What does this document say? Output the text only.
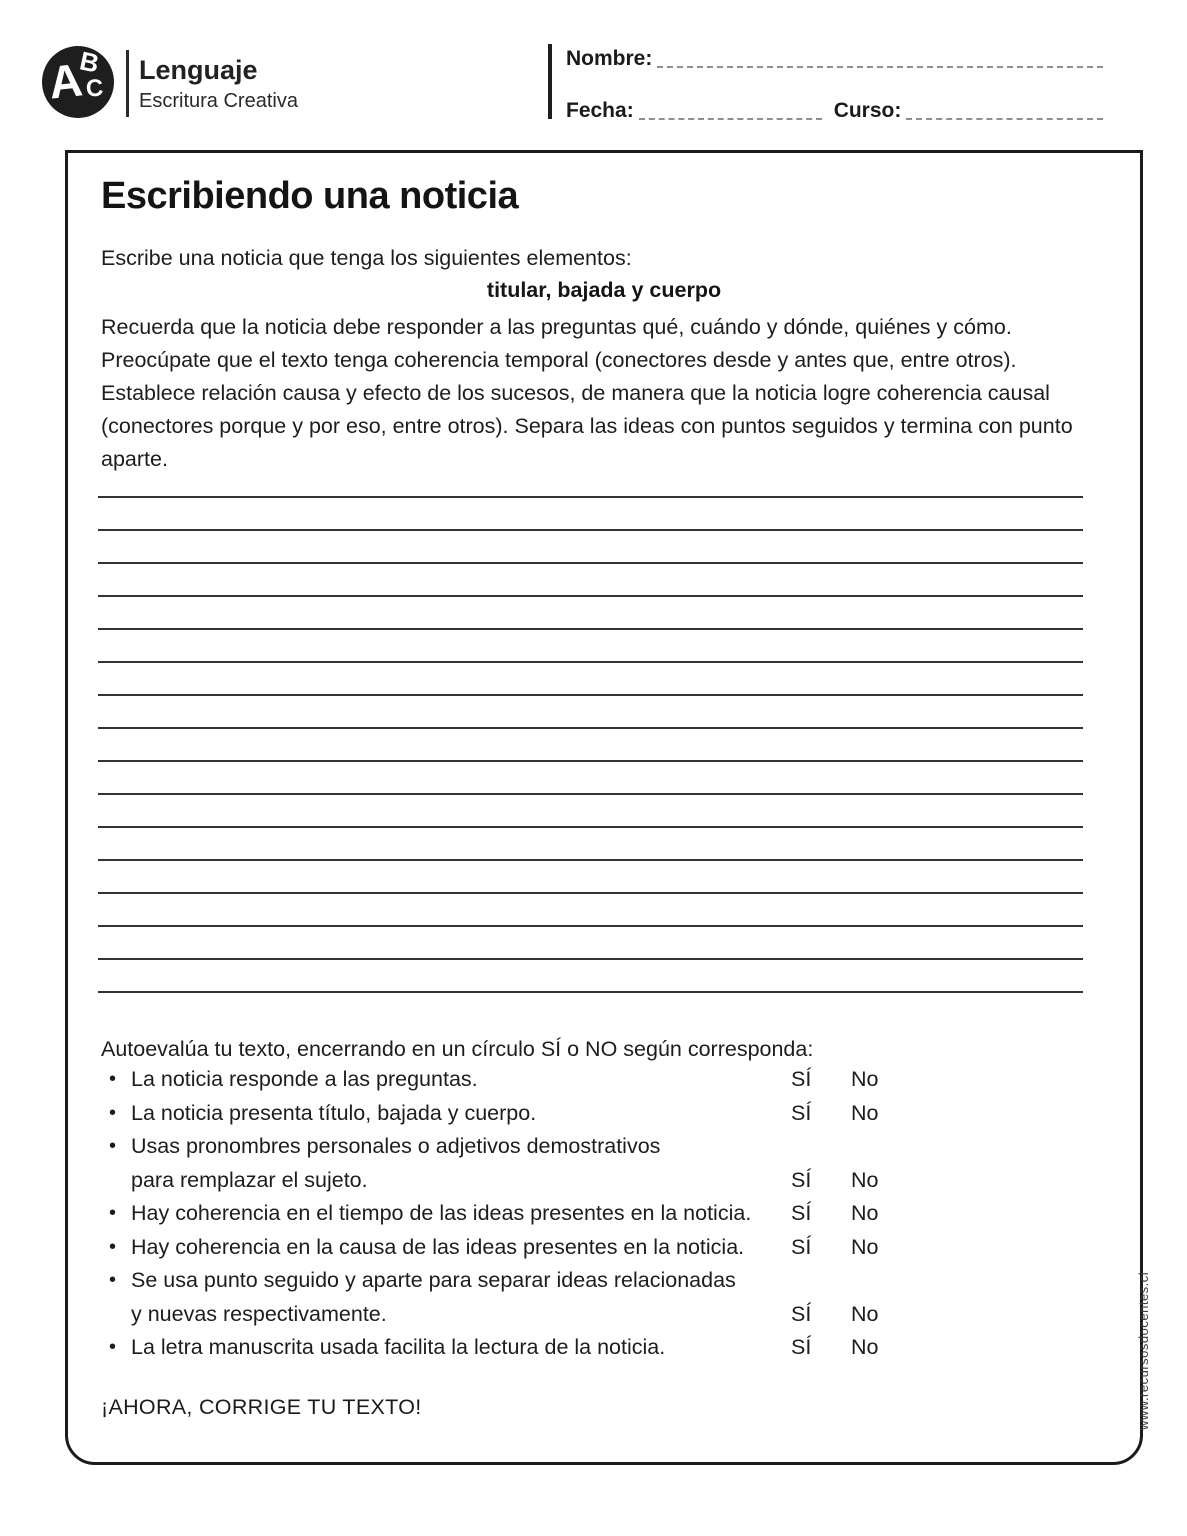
A
B
C
Lenguaje
Escritura Creativa
Nombre:
Fecha:	Curso:
Escribiendo una noticia
Escribe una noticia que tenga los siguientes elementos:
titular, bajada y cuerpo
Recuerda que la noticia debe responder a las preguntas qué, cuándo y dónde, quiénes y cómo. Preocúpate que el texto tenga coherencia temporal (conectores desde y antes que, entre otros). Establece relación causa y efecto de los sucesos, de manera que la noticia logre coherencia causal (conectores porque y por eso, entre otros). Separa las ideas con puntos seguidos y termina con punto aparte.
Autoevalúa tu texto, encerrando en un círculo SÍ o NO según corresponda:
• La noticia responde a las preguntas.	SÍ	No
• La noticia presenta título, bajada y cuerpo.	SÍ	No
• Usas pronombres personales o adjetivos demostrativos
para remplazar el sujeto.	SÍ	No
• Hay coherencia en el tiempo de las ideas presentes en la noticia.	SÍ	No
• Hay coherencia en la causa de las ideas presentes en la noticia.	SÍ	No
• Se usa punto seguido y aparte para separar ideas relacionadas
y nuevas respectivamente.	SÍ	No
• La letra manuscrita usada facilita la lectura de la noticia.	SÍ	No
¡AHORA, CORRIGE TU TEXTO!	www.recursosdocentes.cl
